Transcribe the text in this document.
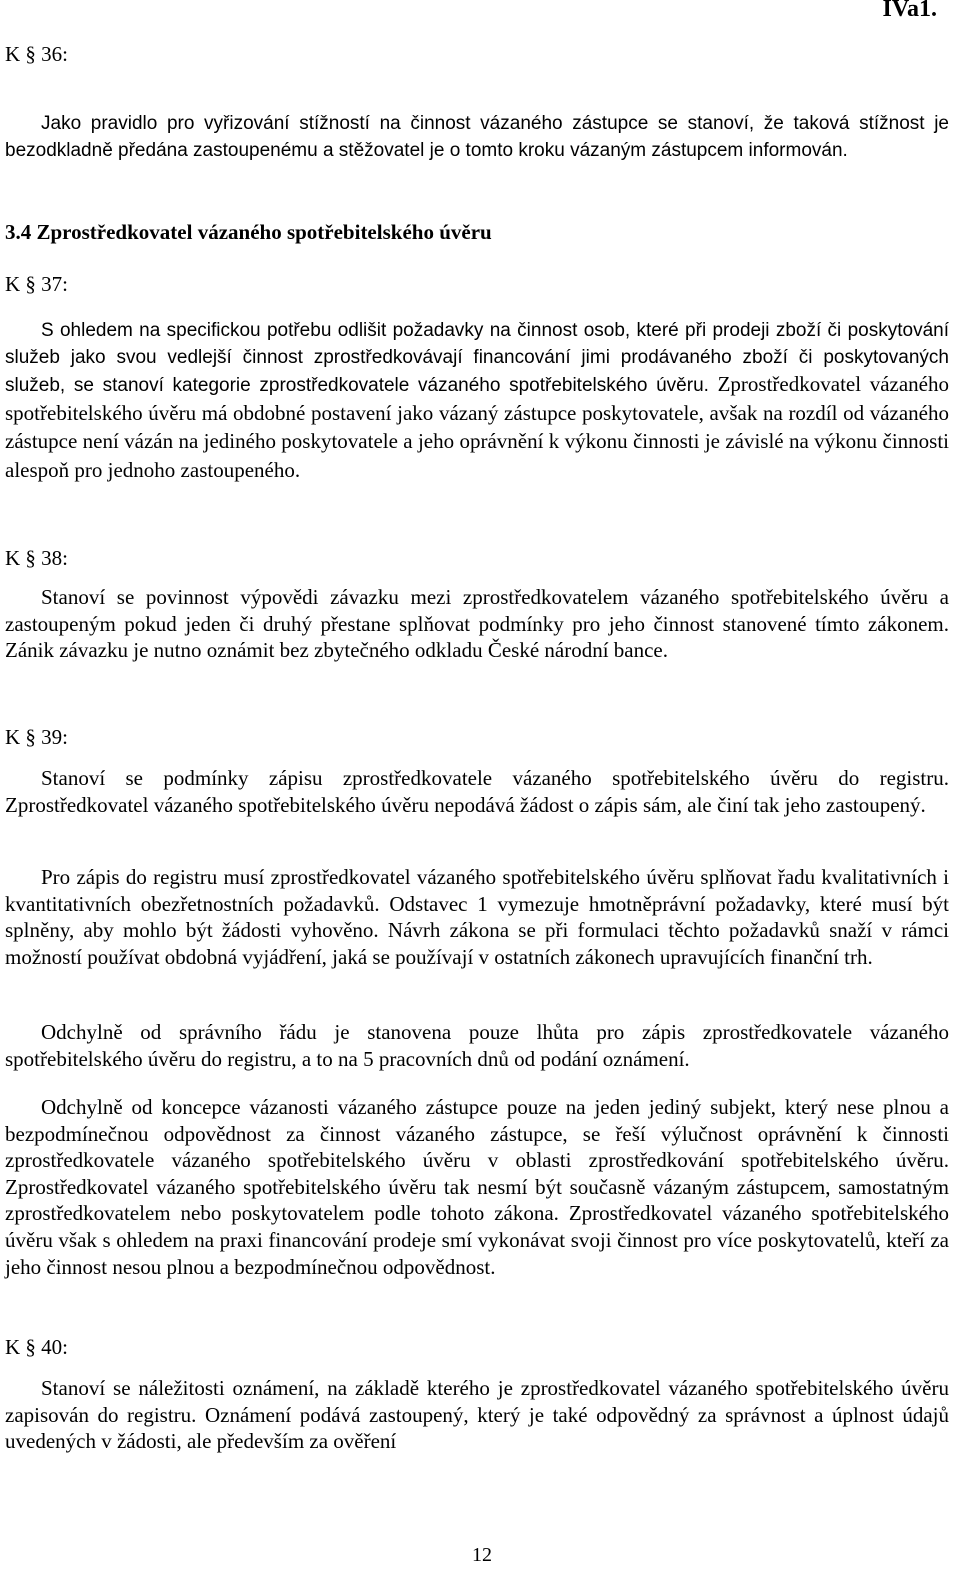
IVa1.

K § 36:

Jako pravidlo pro vyřizování stížností na činnost vázaného zástupce se stanoví, že taková stížnost je bezodkladně předána zastoupenému a stěžovatel je o tomto kroku vázaným zástupcem informován.

3.4 Zprostředkovatel vázaného spotřebitelského úvěru

K § 37:

S ohledem na specifickou potřebu odlišit požadavky na činnost osob, které při prodeji zboží či poskytování služeb jako svou vedlejší činnost zprostředkovávají financování jimi prodávaného zboží či poskytovaných služeb, se stanoví kategorie zprostředkovatele vázaného spotřebitelského úvěru. Zprostředkovatel vázaného spotřebitelského úvěru má obdobné postavení jako vázaný zástupce poskytovatele, avšak na rozdíl od vázaného zástupce není vázán na jediného poskytovatele a jeho oprávnění k výkonu činnosti je závislé na výkonu činnosti alespoň pro jednoho zastoupeného.

K § 38:

Stanoví se povinnost výpovědi závazku mezi zprostředkovatelem vázaného spotřebitelského úvěru a zastoupeným pokud jeden či druhý přestane splňovat podmínky pro jeho činnost stanovené tímto zákonem. Zánik závazku je nutno oznámit bez zbytečného odkladu České národní bance.

K § 39:

Stanoví se podmínky zápisu zprostředkovatele vázaného spotřebitelského úvěru do registru. Zprostředkovatel vázaného spotřebitelského úvěru nepodává žádost o zápis sám, ale činí tak jeho zastoupený.

Pro zápis do registru musí zprostředkovatel vázaného spotřebitelského úvěru splňovat řadu kvalitativních i kvantitativních obezřetnostních požadavků. Odstavec 1 vymezuje hmotněprávní požadavky, které musí být splněny, aby mohlo být žádosti vyhověno. Návrh zákona se při formulaci těchto požadavků snaží v rámci možností používat obdobná vyjádření, jaká se používají v ostatních zákonech upravujících finanční trh.

Odchylně od správního řádu je stanovena pouze lhůta pro zápis zprostředkovatele vázaného spotřebitelského úvěru do registru, a to na 5 pracovních dnů od podání oznámení.

Odchylně od koncepce vázanosti vázaného zástupce pouze na jeden jediný subjekt, který nese plnou a bezpodmínečnou odpovědnost za činnost vázaného zástupce, se řeší výlučnost oprávnění k činnosti zprostředkovatele vázaného spotřebitelského úvěru v oblasti zprostředkování spotřebitelského úvěru. Zprostředkovatel vázaného spotřebitelského úvěru tak nesmí být současně vázaným zástupcem, samostatným zprostředkovatelem nebo poskytovatelem podle tohoto zákona. Zprostředkovatel vázaného spotřebitelského úvěru však s ohledem na praxi financování prodeje smí vykonávat svoji činnost pro více poskytovatelů, kteří za jeho činnost nesou plnou a bezpodmínečnou odpovědnost.

K § 40:

Stanoví se náležitosti oznámení, na základě kterého je zprostředkovatel vázaného spotřebitelského úvěru zapisován do registru. Oznámení podává zastoupený, který je také odpovědný za správnost a úplnost údajů uvedených v žádosti, ale především za ověření

12
